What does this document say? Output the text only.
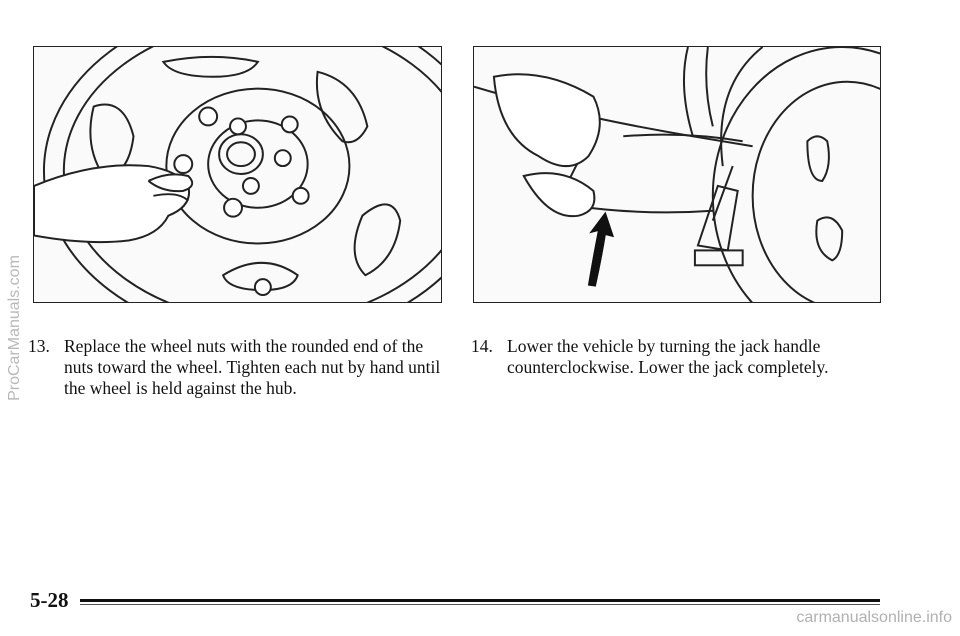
13. Replace the wheel nuts with the rounded end of the nuts toward the wheel. Tighten each nut by hand until the wheel is held against the hub.
14. Lower the vehicle by turning the jack handle counterclockwise. Lower the jack completely.
ProCarManuals.com
5-28
carmanualsonline.info
